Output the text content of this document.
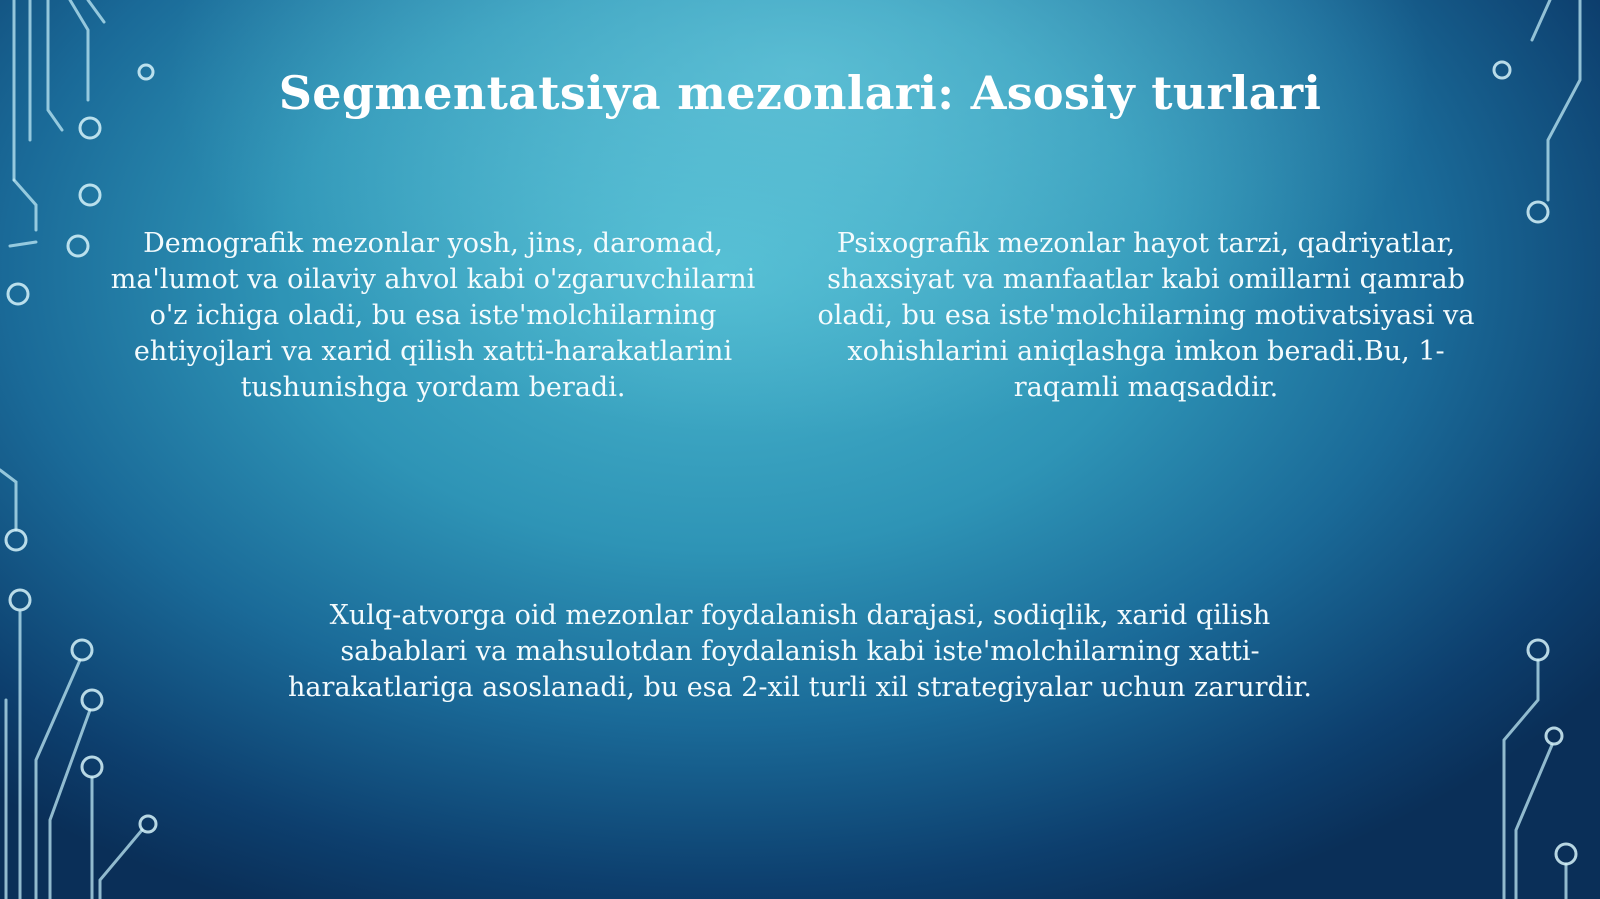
Segmentatsiya mezonlari: Asosiy turlari

Demografik mezonlar yosh, jins, daromad, ma'lumot va oilaviy ahvol kabi o'zgaruvchilarni o'z ichiga oladi, bu esa iste'molchilarning ehtiyojlari va xarid qilish xatti-harakatlarini tushunishga yordam beradi.

Psixografik mezonlar hayot tarzi, qadriyatlar, shaxsiyat va manfaatlar kabi omillarni qamrab oladi, bu esa iste'molchilarning motivatsiyasi va xohishlarini aniqlashga imkon beradi.Bu, 1-raqamli maqsaddir.

Xulq-atvorga oid mezonlar foydalanish darajasi, sodiqlik, xarid qilish sabablari va mahsulotdan foydalanish kabi iste'molchilarning xatti-harakatlariga asoslanadi, bu esa 2-xil turli xil strategiyalar uchun zarurdir.
